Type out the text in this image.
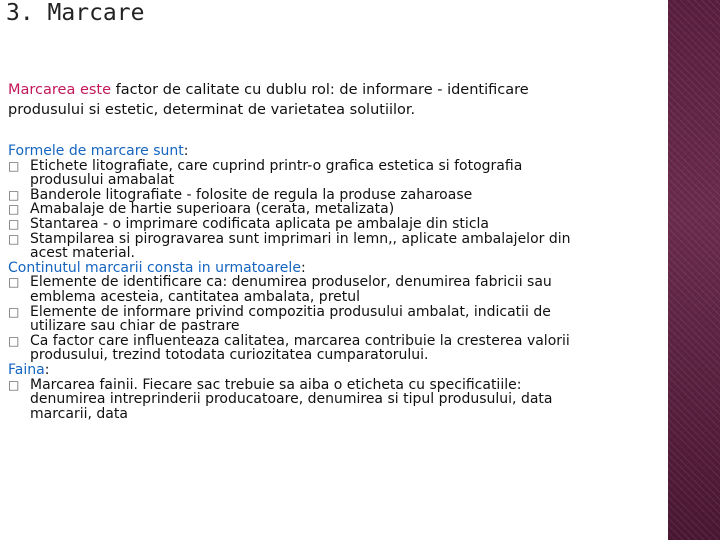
3. Marcare
Marcarea este factor de calitate cu dublu rol: de informare - identificare
produsului si estetic, determinat de varietatea solutiilor.
Formele de marcare sunt:
□ Etichete litografiate, care cuprind printr-o grafica estetica si fotografia
produsului amabalat
□ Banderole litografiate - folosite de regula la produse zaharoase
□ Amabalaje de hartie superioara (cerata, metalizata)
□ Stantarea - o imprimare codificata aplicata pe ambalaje din sticla
□ Stampilarea si pirogravarea sunt imprimari in lemn,, aplicate ambalajelor din
acest material.
Continutul marcarii consta in urmatoarele:
□ Elemente de identificare ca: denumirea produselor, denumirea fabricii sau
emblema acesteia, cantitatea ambalata, pretul
□ Elemente de informare privind compozitia produsului ambalat, indicatii de
utilizare sau chiar de pastrare
□ Ca factor care influenteaza calitatea, marcarea contribuie la cresterea valorii
produsului, trezind totodata curiozitatea cumparatorului.
Faina:
□ Marcarea fainii. Fiecare sac trebuie sa aiba o eticheta cu specificatiile:
denumirea intreprinderii producatoare, denumirea si tipul produsului, data
marcarii, data
